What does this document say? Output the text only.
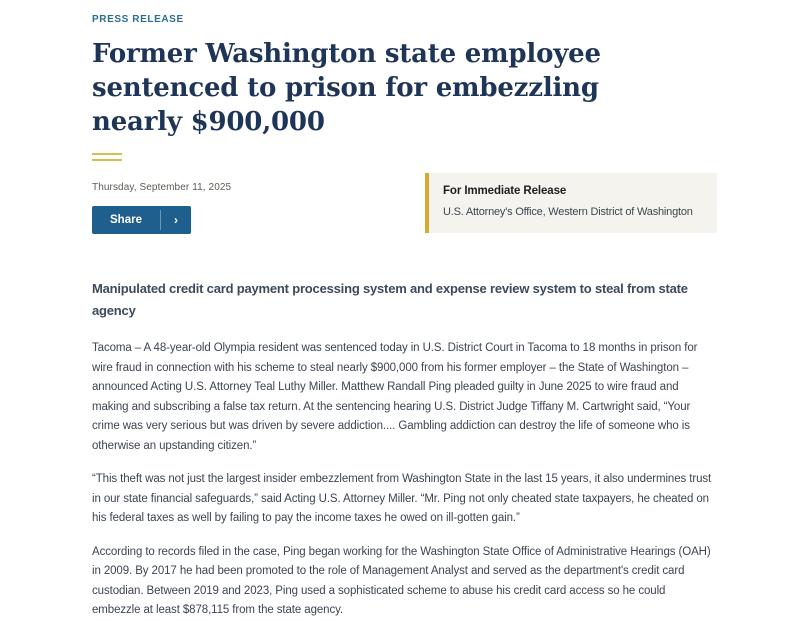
PRESS RELEASE
Former Washington state employee sentenced to prison for embezzling nearly $900,000
Thursday, September 11, 2025
Share	›
For Immediate Release
U.S. Attorney's Office, Western District of Washington
Manipulated credit card payment processing system and expense review system to steal from state agency

Tacoma – A 48-year-old Olympia resident was sentenced today in U.S. District Court in Tacoma to 18 months in prison for wire fraud in connection with his scheme to steal nearly $900,000 from his former employer – the State of Washington – announced Acting U.S. Attorney Teal Luthy Miller. Matthew Randall Ping pleaded guilty in June 2025 to wire fraud and making and subscribing a false tax return. At the sentencing hearing U.S. District Judge Tiffany M. Cartwright said, “Your crime was very serious but was driven by severe addiction.... Gambling addiction can destroy the life of someone who is otherwise an upstanding citizen.”

“This theft was not just the largest insider embezzlement from Washington State in the last 15 years, it also undermines trust in our state financial safeguards,” said Acting U.S. Attorney Miller. “Mr. Ping not only cheated state taxpayers, he cheated on his federal taxes as well by failing to pay the income taxes he owed on ill-gotten gain.”

According to records filed in the case, Ping began working for the Washington State Office of Administrative Hearings (OAH) in 2009. By 2017 he had been promoted to the role of Management Analyst and served as the department's credit card custodian. Between 2019 and 2023, Ping used a sophisticated scheme to abuse his credit card access so he could embezzle at least $878,115 from the state agency.
